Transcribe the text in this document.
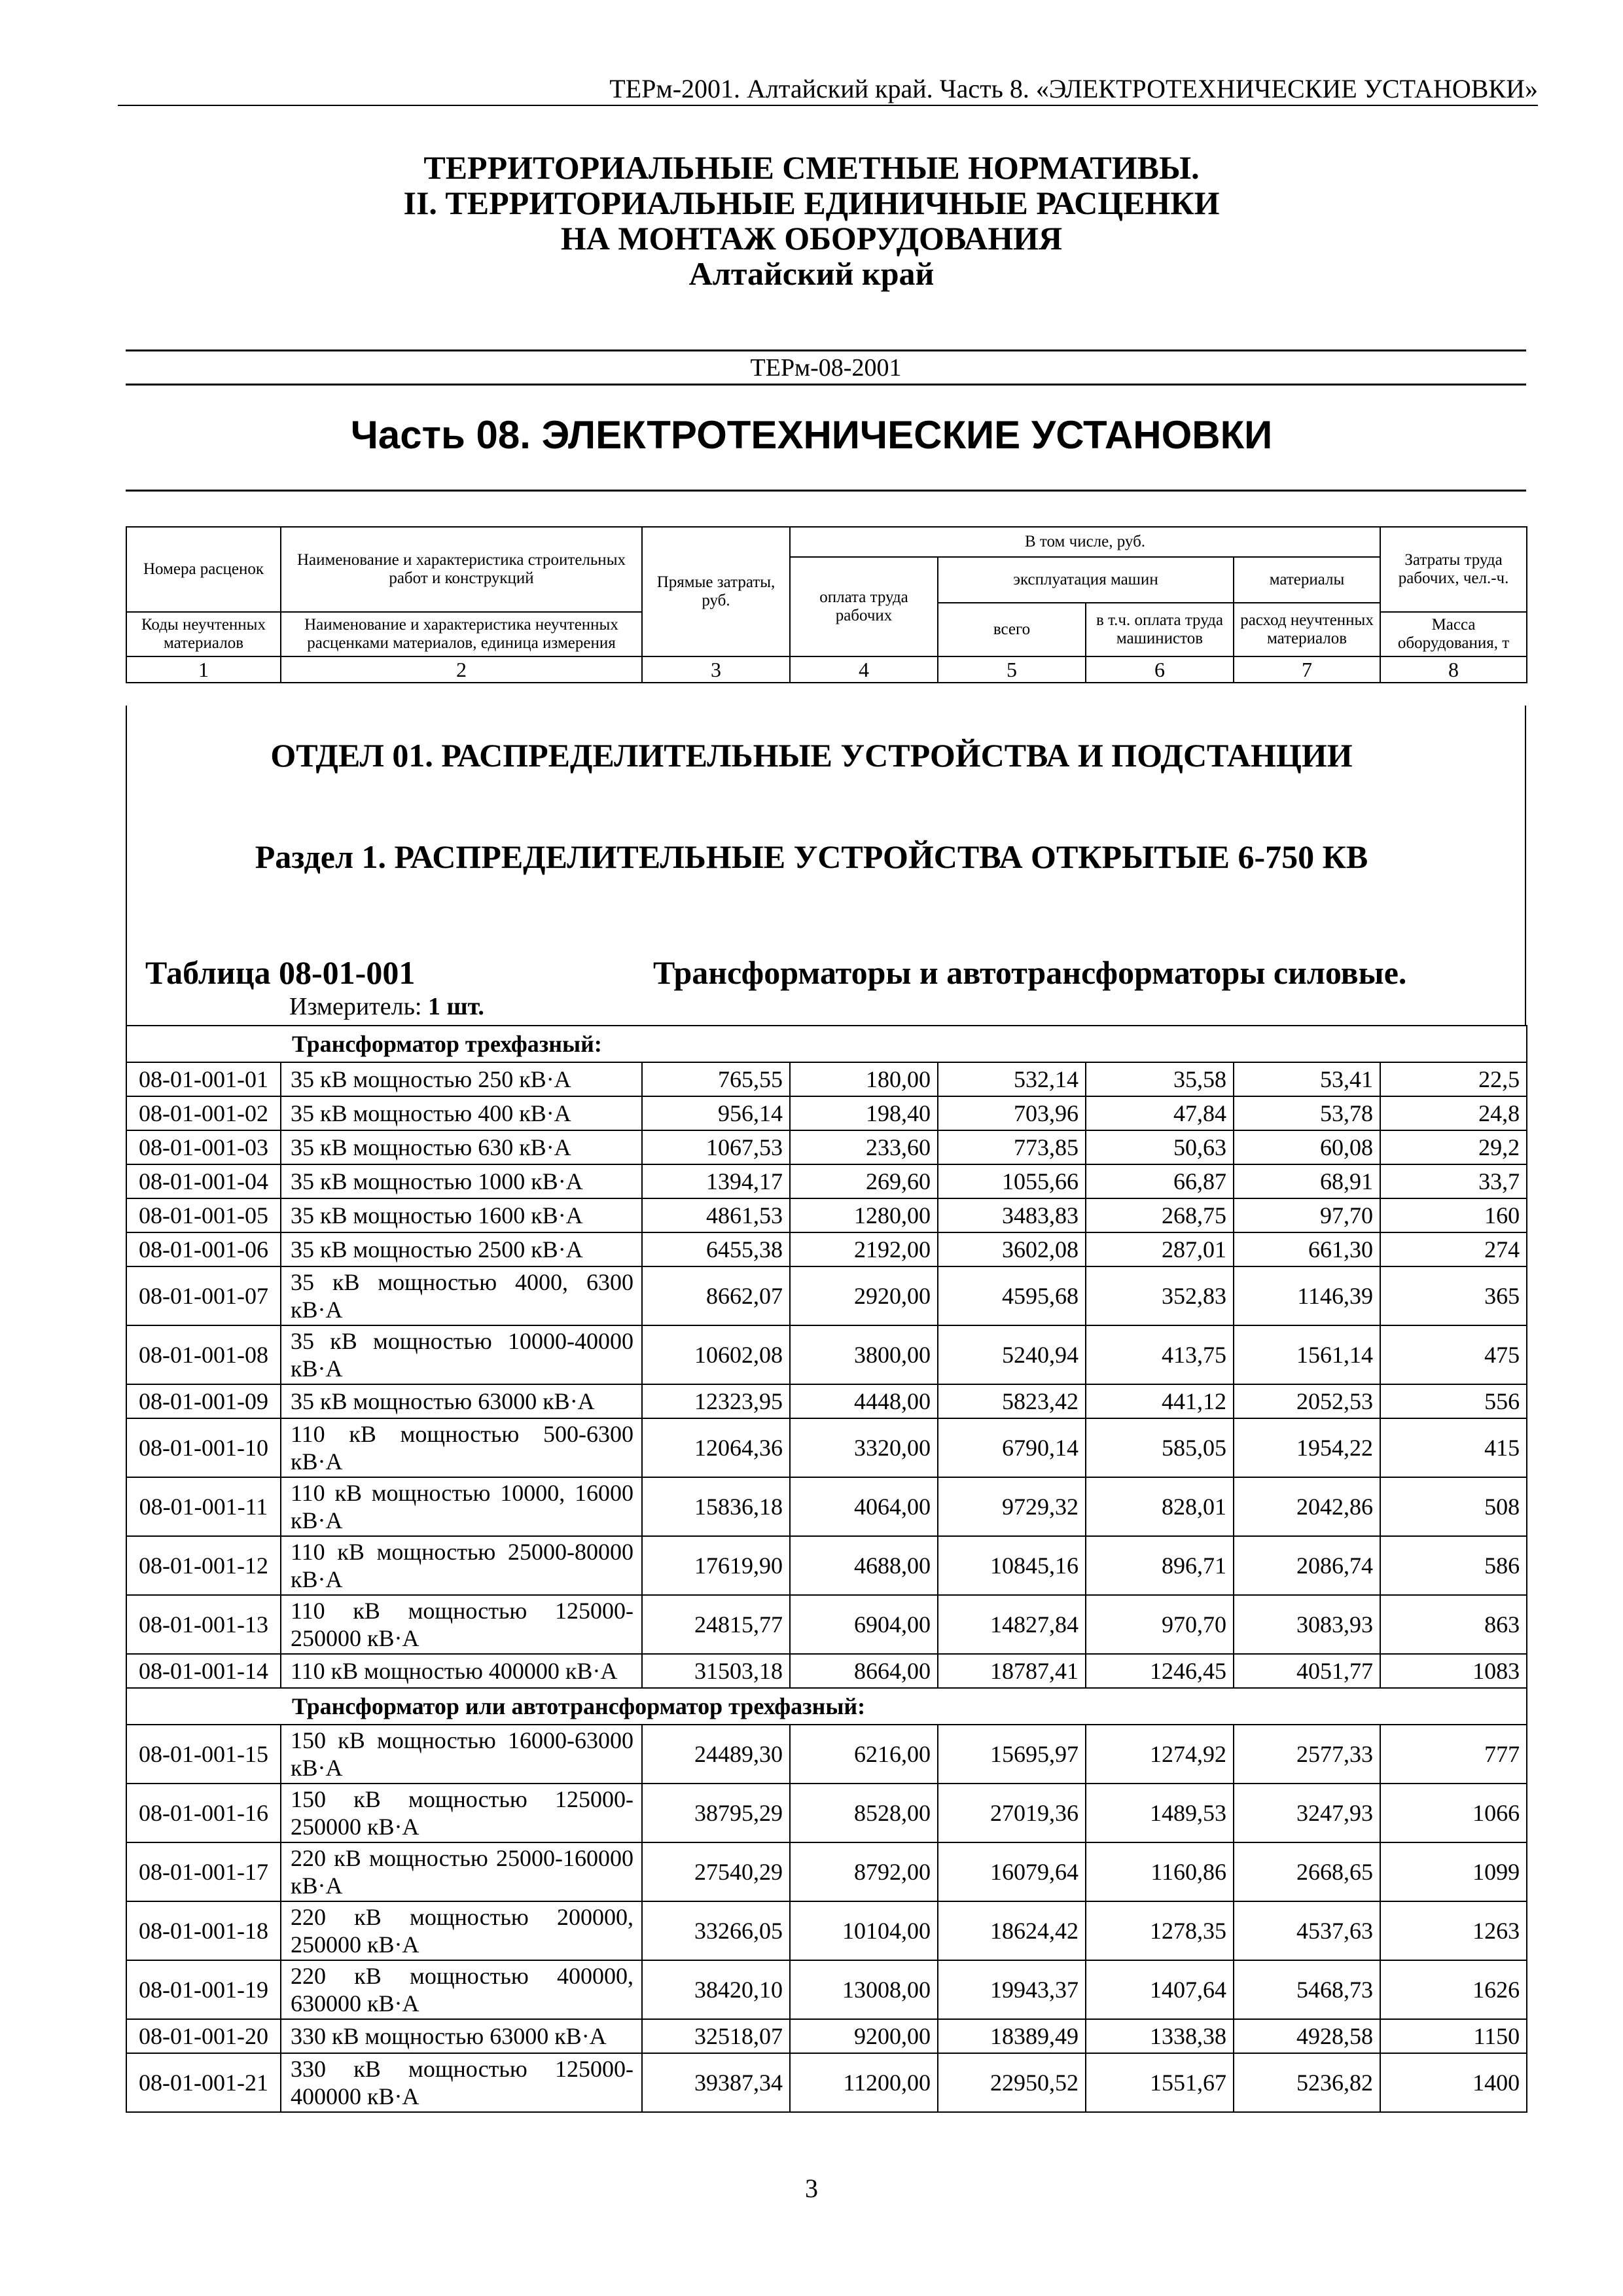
ТЕРм-2001. Алтайский край. Часть 8. «ЭЛЕКТРОТЕХНИЧЕСКИЕ УСТАНОВКИ»
ТЕРРИТОРИАЛЬНЫЕ СМЕТНЫЕ НОРМАТИВЫ.
II. ТЕРРИТОРИАЛЬНЫЕ ЕДИНИЧНЫЕ РАСЦЕНКИ
НА МОНТАЖ ОБОРУДОВАНИЯ
Алтайский край
ТЕРм-08-2001
Часть 08. ЭЛЕКТРОТЕХНИЧЕСКИЕ УСТАНОВКИ
Номера расценок	Наименование и характеристика строительных работ и конструкций	Прямые затраты, руб.	В том числе, руб.				Затраты труда рабочих, чел.-ч.
			оплата труда рабочих	эксплуатация машин		материалы	
				всего	в т.ч. оплата труда машинистов	расход неучтенных материалов	
Коды неучтенных материалов	Наименование и характеристика неучтенных расценками материалов, единица измерения						Масса оборудования, т

1	2	3	4	5	6	7	8
ОТДЕЛ 01. РАСПРЕДЕЛИТЕЛЬНЫЕ УСТРОЙСТВА И ПОДСТАНЦИИ
Раздел 1. РАСПРЕДЕЛИТЕЛЬНЫЕ УСТРОЙСТВА ОТКРЫТЫЕ 6-750 КВ
Таблица 08-01-001	Трансформаторы и автотрансформаторы силовые.
Измеритель: 1 шт.
Трансформатор трехфазный:							
08-01-001-01	35 кВ мощностью 250 кВ·А	765,55	180,00	532,14	35,58	53,41	22,5
08-01-001-02	35 кВ мощностью 400 кВ·А	956,14	198,40	703,96	47,84	53,78	24,8
08-01-001-03	35 кВ мощностью 630 кВ·А	1067,53	233,60	773,85	50,63	60,08	29,2
08-01-001-04	35 кВ мощностью 1000 кВ·А	1394,17	269,60	1055,66	66,87	68,91	33,7
08-01-001-05	35 кВ мощностью 1600 кВ·А	4861,53	1280,00	3483,83	268,75	97,70	160
08-01-001-06	35 кВ мощностью 2500 кВ·А	6455,38	2192,00	3602,08	287,01	661,30	274
08-01-001-07	35 кВ мощностью 4000, 6300 кВ·А	8662,07	2920,00	4595,68	352,83	1146,39	365
08-01-001-08	35 кВ мощностью 10000-40000 кВ·А	10602,08	3800,00	5240,94	413,75	1561,14	475
08-01-001-09	35 кВ мощностью 63000 кВ·А	12323,95	4448,00	5823,42	441,12	2052,53	556
08-01-001-10	110 кВ мощностью 500-6300 кВ·А	12064,36	3320,00	6790,14	585,05	1954,22	415
08-01-001-11	110 кВ мощностью 10000, 16000 кВ·А	15836,18	4064,00	9729,32	828,01	2042,86	508
08-01-001-12	110 кВ мощностью 25000-80000 кВ·А	17619,90	4688,00	10845,16	896,71	2086,74	586
08-01-001-13	110 кВ мощностью 125000-250000 кВ·А	24815,77	6904,00	14827,84	970,70	3083,93	863
08-01-001-14	110 кВ мощностью 400000 кВ·А	31503,18	8664,00	18787,41	1246,45	4051,77	1083
Трансформатор или автотрансформатор трехфазный:							
08-01-001-15	150 кВ мощностью 16000-63000 кВ·А	24489,30	6216,00	15695,97	1274,92	2577,33	777
08-01-001-16	150 кВ мощностью 125000-250000 кВ·А	38795,29	8528,00	27019,36	1489,53	3247,93	1066
08-01-001-17	220 кВ мощностью 25000-160000 кВ·А	27540,29	8792,00	16079,64	1160,86	2668,65	1099
08-01-001-18	220 кВ мощностью 200000, 250000 кВ·А	33266,05	10104,00	18624,42	1278,35	4537,63	1263
08-01-001-19	220 кВ мощностью 400000, 630000 кВ·А	38420,10	13008,00	19943,37	1407,64	5468,73	1626
08-01-001-20	330 кВ мощностью 63000 кВ·А	32518,07	9200,00	18389,49	1338,38	4928,58	1150
08-01-001-21	330 кВ мощностью 125000-400000 кВ·А	39387,34	11200,00	22950,52	1551,67	5236,82	1400
3
